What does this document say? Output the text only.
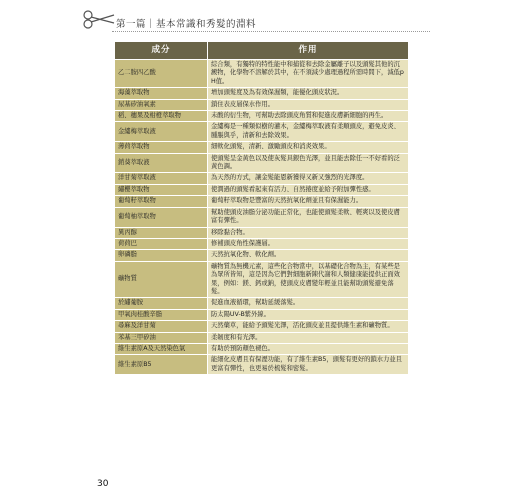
第一篇｜基本常識和秀髮的淵料
成分	作用
乙二胺四乙酸	綜合類，有獨特的特性能中和捕從和去除金屬離子以及頭髮其他的沉澱物，化學物不溶解於其中，在不須減少處理過程所需時間下，減低pH值。
海藻萃取物	增加頭髮度及為有效保濕類，能優化頭皮狀況。
尿基矽油氧素	鎖住表皮層保水作用。
稻、穗果及柑橙萃取物	未酸的衍生物，可幫助去除頭皮角質和促進皮膚新細胞的再生。
金縷梅萃取液	金縷梅是一種類似樹的灌木，金縷梅萃取液有柔順頭皮，避免皮炎、腫脹與乎，清新和去除效果。
薄荷萃取物	細軟化頭髮，清新、激勵頭皮和消炎效果。
銷葵萃取液	使頭髮呈金黃色以及使灰髮具銀色光澤，並且能去除任一不好看的泛黃色調。
洋甘菊萃取液	為天然的方式，讓金髮能恩新獲得又新又強烈的光澤度。
繡櫻萃取物	使潤過的頭髮看起來有活力、自然捲度並給予附加彈性感。
葡萄籽萃取物	葡萄籽萃取物是豐富的天然抗氧化劑並且有保濕能力。
葡萄柚萃取物	幫助使頭皮油脂分泌功能正常化，也能使頭髮柔軟、輕爽以及使皮膚富有彈性。
異丙醇	移除黏合物。
荷荷巴	修補頭皮角性保護層。
卵磷脂	天然抗氧化物、軟化劑。
礦物質	礦物質為無機元素，這些化合物當中，以基礎化合物為主，有某些是為眾所皆知，這是因為它們對細胞新陳代謝和人類健康能提供正面效果，例如：鎂、鈣或鈉，使頭皮皮膚變年輕並且能幫助頭髮避免落髮。
於繡葡胺	促進血液循環，幫助延緩落髮。
甲氧肉桂酸辛脂	防太陽UV-B紫外線。
尋麻及洋甘菊	天然藥草，能給予頭髮光澤，活化頭皮並且提供維生素和礦物質。
苯基三甲矽油	柔韌度和有光澤。
維生素原A及天然染色氣	有助於預防顏色褪色。
維生素原B5	能細化皮膚且有保溼功能，有了維生素B5，頭髮有更好的鎖水力並且更富有彈性，也更易於梳髮和密髮。
30
